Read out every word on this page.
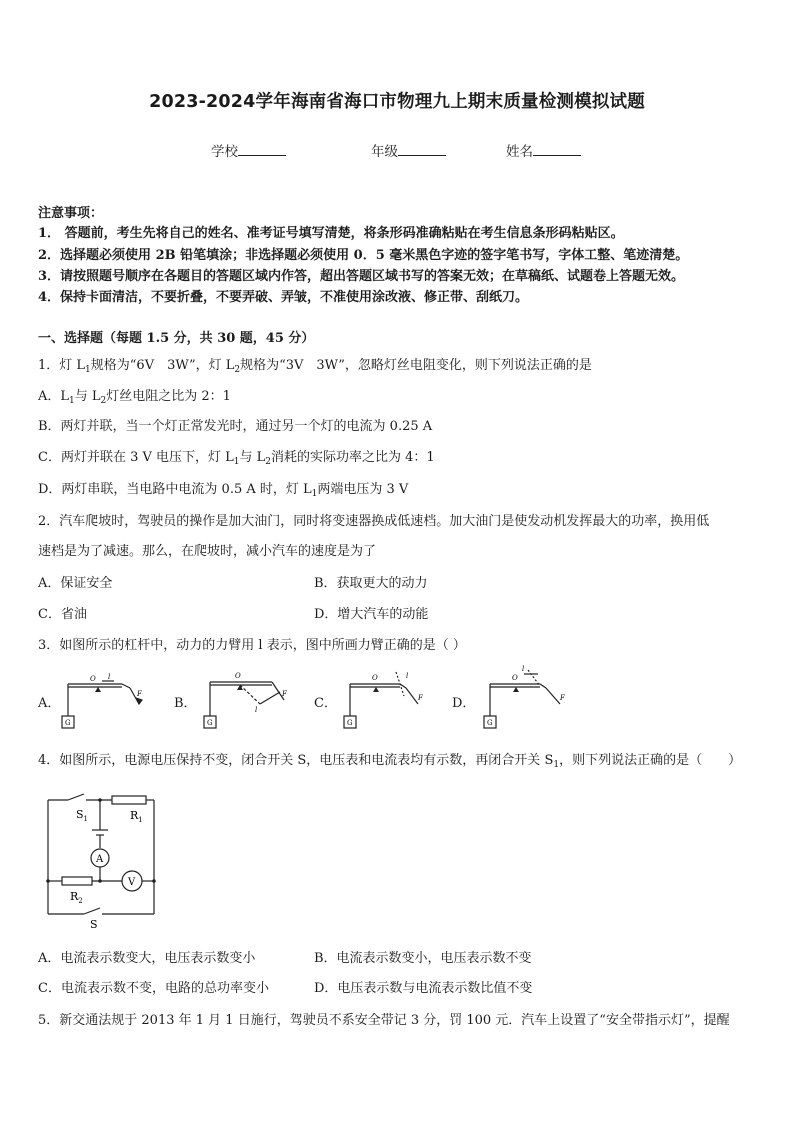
2023-2024学年海南省海口市物理九上期末质量检测模拟试题
学校	年级	姓名
注意事项：
1． 答题前，考生先将自己的姓名、准考证号填写清楚，将条形码准确粘贴在考生信息条形码粘贴区。
2．选择题必须使用 2B 铅笔填涂；非选择题必须使用 0．5 毫米黑色字迹的签字笔书写，字体工整、笔迹清楚。
3．请按照题号顺序在各题目的答题区域内作答，超出答题区域书写的答案无效；在草稿纸、试题卷上答题无效。
4．保持卡面清洁，不要折叠，不要弄破、弄皱，不准使用涂改液、修正带、刮纸刀。
一、选择题（每题 1.5 分，共 30 题，45 分）
1．灯 $L_1$规格为“6V　3W”，灯 $L_2$规格为“3V　3W”，忽略灯丝电阻变化，则下列说法正确的是
A．$L_1$与 $L_2$灯丝电阻之比为 2：1
B．两灯并联，当一个灯正常发光时，通过另一个灯的电流为 0.25 A
C．两灯并联在 3 V 电压下，灯 $L_1$与 $L_2$消耗的实际功率之比为 4：1
D．两灯串联，当电路中电流为 0.5 A 时，灯 $L_1$两端电压为 3 V
2．汽车爬坡时，驾驶员的操作是加大油门，同时将变速器换成低速档。加大油门是使发动机发挥最大的功率，换用低
速档是为了减速。那么，在爬坡时，减小汽车的速度是为了
A．保证安全	B．获取更大的动力
C．省油	D．增大汽车的动能
3．如图所示的杠杆中，动力的力臂用 l 表示，图中所画力臂正确的是（ ）
A．	B．	C．	D．
O l
F
G
O
l
F
G
O	l
F
G
O
l
F
G
4．如图所示，电源电压保持不变，闭合开关 S，电压表和电流表均有示数，再闭合开关 $S_1$，则下列说法正确的是（　　）
$S_1$	$R_1$
A
V
$R_2$
S
A．电流表示数变大，电压表示数变小	B．电流表示数变小，电压表示数不变
C．电流表示数不变，电路的总功率变小	D．电压表示数与电流表示数比值不变
5．新交通法规于 2013 年 1 月 1 日施行，驾驶员不系安全带记 3 分，罚 100 元．汽车上设置了“安全带指示灯”，提醒
